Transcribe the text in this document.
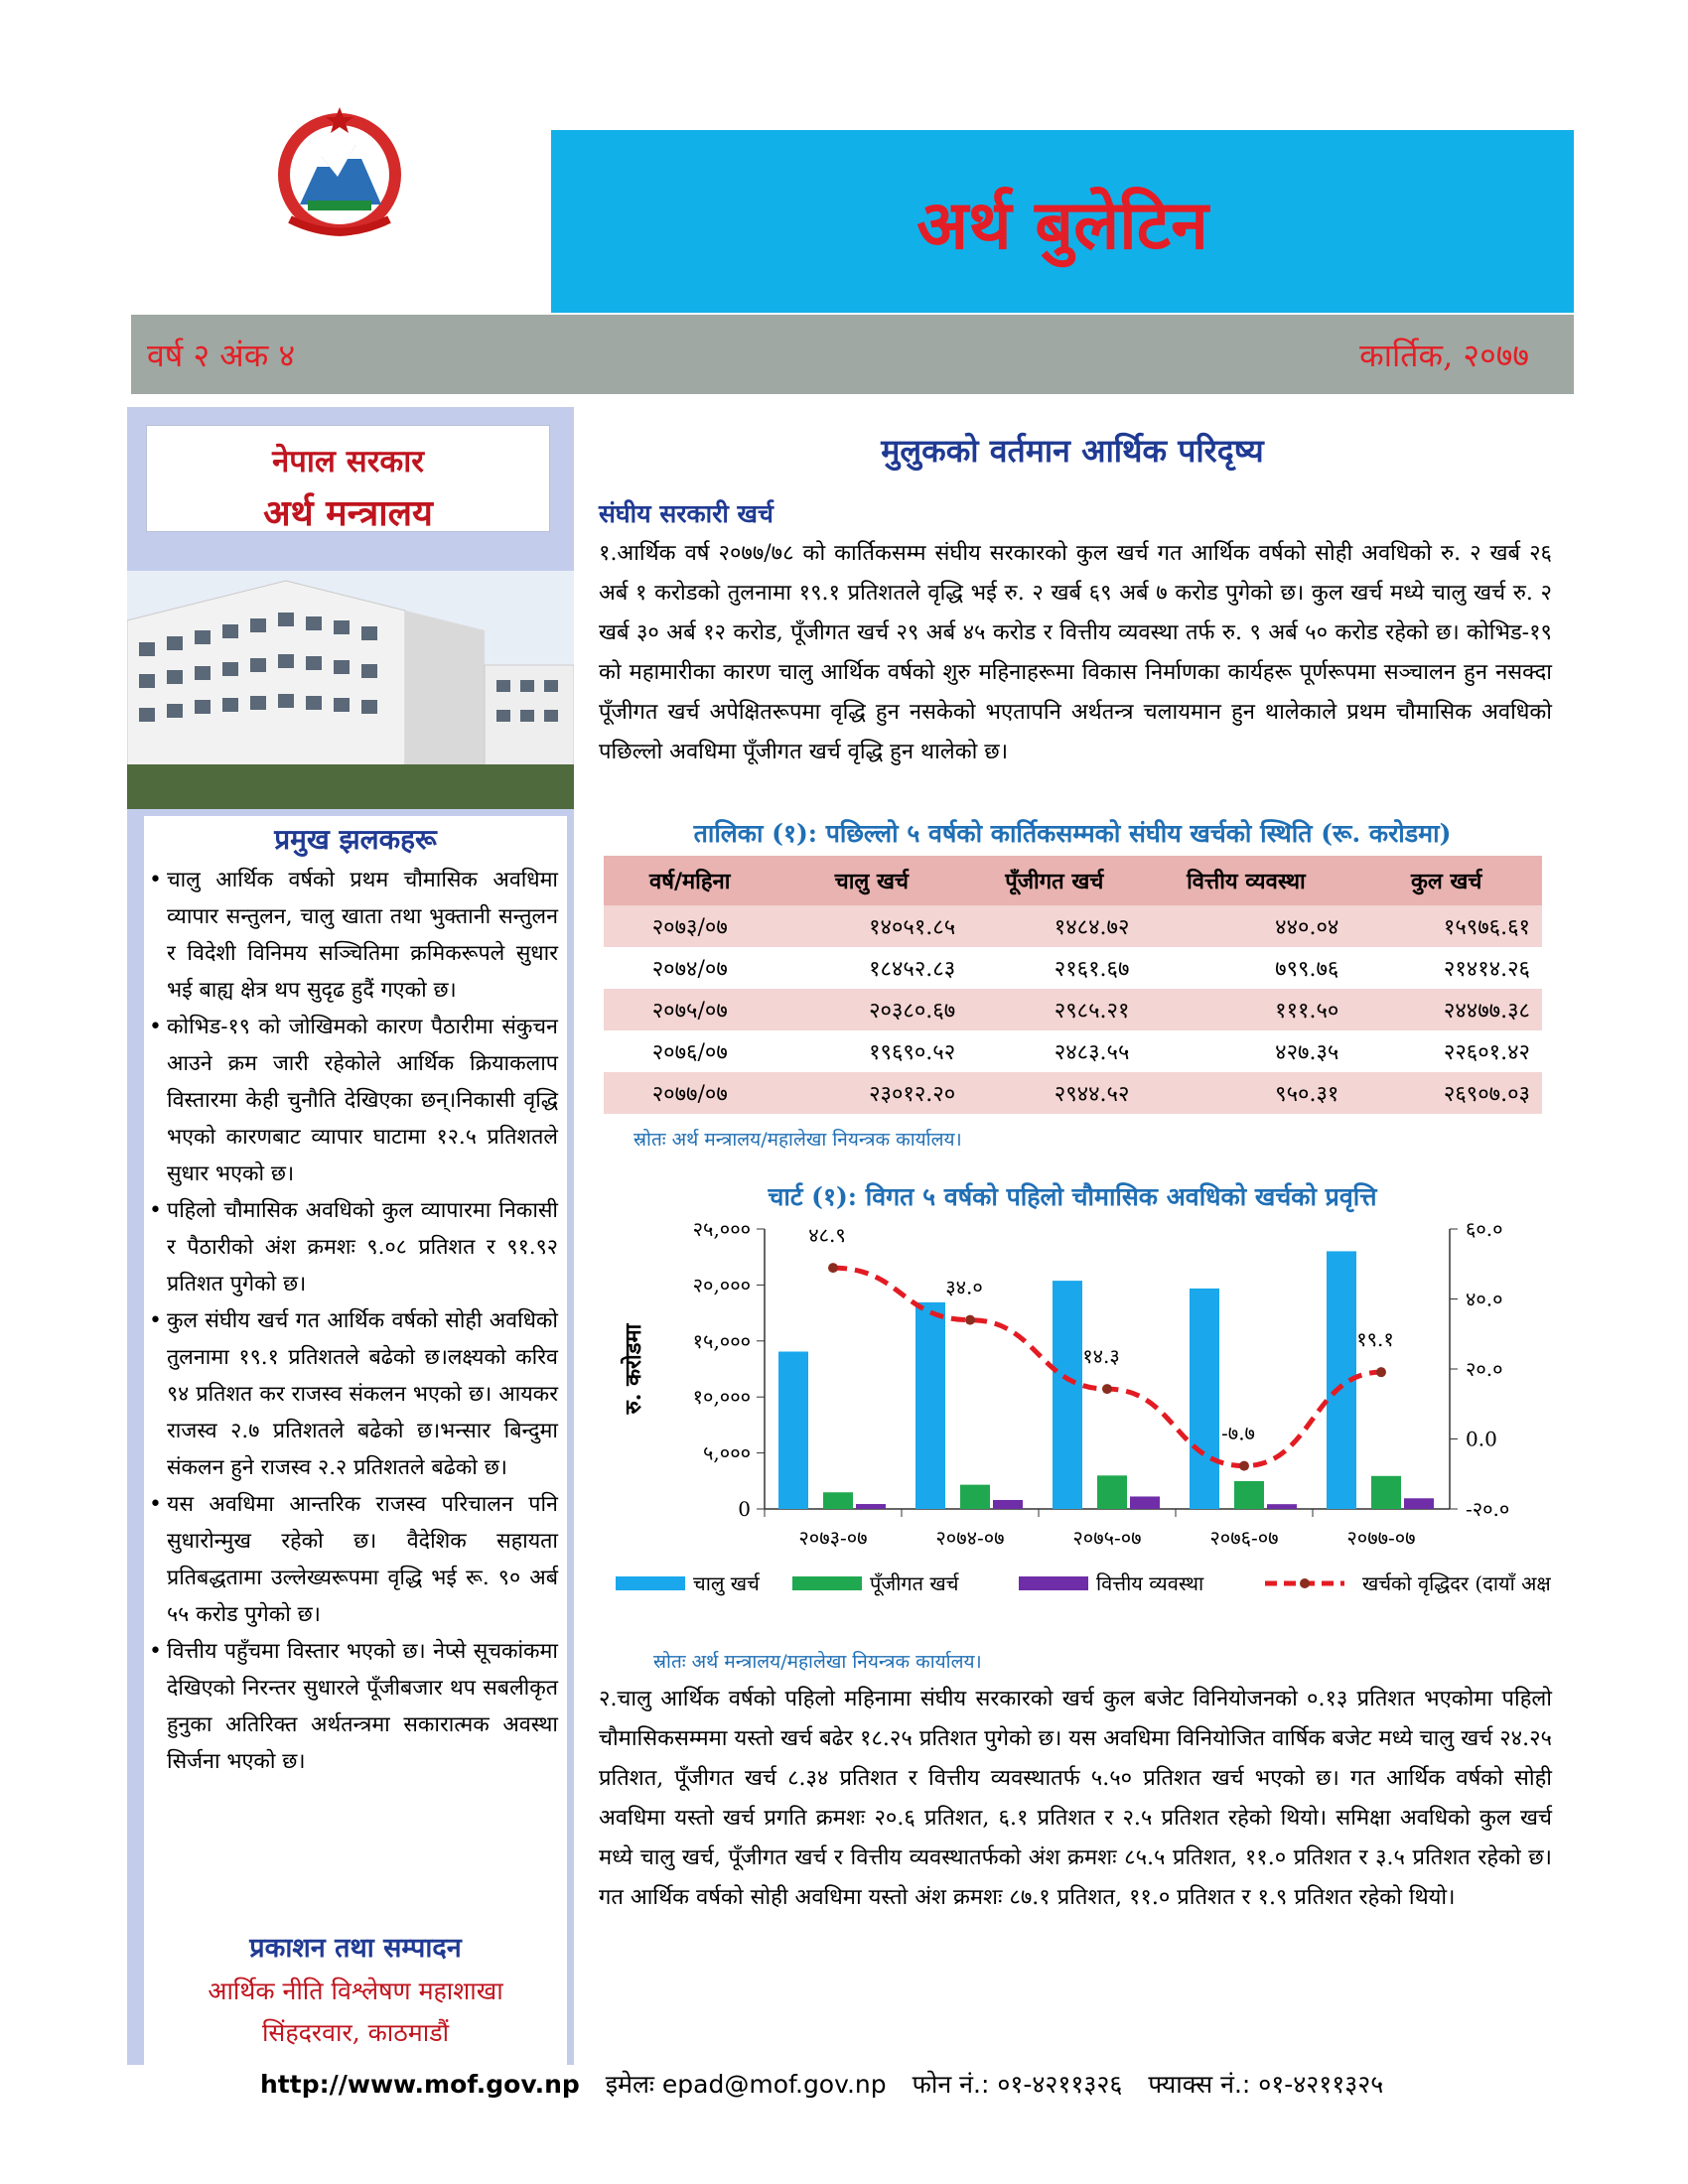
अर्थ बुलेटिन
वर्ष २ अंक ४	कार्तिक, २०७७
नेपाल सरकार
अर्थ मन्त्रालय
प्रमुख झलकहरू
• चालु आर्थिक वर्षको प्रथम चौमासिक अवधिमा व्यापार सन्तुलन, चालु खाता तथा भुक्तानी सन्तुलन र विदेशी विनिमय सञ्चितिमा क्रमिकरूपले सुधार भई बाह्य क्षेत्र थप सुदृढ हुदैं गएको छ।
• कोभिड-१९ को जोखिमको कारण पैठारीमा संकुचन आउने क्रम जारी रहेकोले आर्थिक क्रियाकलाप विस्तारमा केही चुनौति देखिएका छन्।निकासी वृद्धि भएको कारणबाट व्यापार घाटामा १२.५ प्रतिशतले सुधार भएको छ।
• पहिलो चौमासिक अवधिको कुल व्यापारमा निकासी र पैठारीको अंश क्रमशः ९.०८ प्रतिशत र ९१.९२ प्रतिशत पुगेको छ।
• कुल संघीय खर्च गत आर्थिक वर्षको सोही अवधिको तुलनामा १९.१ प्रतिशतले बढेको छ।लक्ष्यको करिव ९४ प्रतिशत कर राजस्व संकलन भएको छ। आयकर राजस्व २.७ प्रतिशतले बढेको छ।भन्सार बिन्दुमा संकलन हुने राजस्व २.२ प्रतिशतले बढेको छ।
• यस अवधिमा आन्तरिक राजस्व परिचालन पनि सुधारोन्मुख रहेको छ। वैदेशिक सहायता प्रतिबद्धतामा उल्लेख्यरूपमा वृद्धि भई रू. ९० अर्ब ५५ करोड पुगेको छ।
• वित्तीय पहुँचमा विस्तार भएको छ। नेप्से सूचकांकमा देखिएको निरन्तर सुधारले पूँजीबजार थप सबलीकृत हुनुका अतिरिक्त अर्थतन्त्रमा सकारात्मक अवस्था सिर्जना भएको छ।
प्रकाशन तथा सम्पादन
आर्थिक नीति विश्लेषण महाशाखा
सिंहदरवार, काठमाडौं
मुलुकको वर्तमान आर्थिक परिदृष्य
संघीय सरकारी खर्च
१.आर्थिक वर्ष २०७७/७८ को कार्तिकसम्म संघीय सरकारको कुल खर्च गत आर्थिक वर्षको सोही अवधिको रु. २ खर्ब २६ अर्ब १ करोडको तुलनामा १९.१ प्रतिशतले वृद्धि भई रु. २ खर्ब ६९ अर्ब ७ करोड पुगेको छ। कुल खर्च मध्ये चालु खर्च रु. २ खर्ब ३० अर्ब १२ करोड, पूँजीगत खर्च २९ अर्ब ४५ करोड र वित्तीय व्यवस्था तर्फ रु. ९ अर्ब ५० करोड रहेको छ। कोभिड-१९ को महामारीका कारण चालु आर्थिक वर्षको शुरु महिनाहरूमा विकास निर्माणका कार्यहरू पूर्णरूपमा सञ्चालन हुन नसक्दा पूँजीगत खर्च अपेक्षितरूपमा वृद्धि हुन नसकेको भएतापनि अर्थतन्त्र चलायमान हुन थालेकाले प्रथम चौमासिक अवधिको पछिल्लो अवधिमा पूँजीगत खर्च वृद्धि हुन थालेको छ।
तालिका (१): पछिल्लो ५ वर्षको कार्तिकसम्मको संघीय खर्चको स्थिति (रू. करोडमा)
वर्ष/महिना	चालु खर्च	पूँजीगत खर्च	वित्तीय व्यवस्था	कुल खर्च
२०७३/०७	१४०५१.८५	१४८४.७२	४४०.०४	१५९७६.६१
२०७४/०७	१८४५२.८३	२१६१.६७	७९९.७६	२१४१४.२६
२०७५/०७	२०३८०.६७	२९८५.२१	१११.५०	२४४७७.३८
२०७६/०७	१९६९०.५२	२४८३.५५	४२७.३५	२२६०१.४२
२०७७/०७	२३०१२.२०	२९४४.५२	९५०.३१	२६९०७.०३
स्रोतः अर्थ मन्त्रालय/महालेखा नियन्त्रक कार्यालय।
चार्ट (१): विगत ५ वर्षको पहिलो चौमासिक अवधिको खर्चको प्रवृत्ति
0
५,०००
१०,०००
१५,०००
२०,०००
२५,०००
-२०.०
0.0
२०.०
४०.०
६०.०
रु. करोडमा
२०७३-०७	२०७४-०७	२०७५-०७	२०७६-०७	२०७७-०७
४८.९
३४.०
१४.३
-७.७
१९.१
चालु खर्च	पूँजीगत खर्च	वित्तीय व्यवस्था	खर्चको वृद्धिदर (दायाँ अक्ष
स्रोतः अर्थ मन्त्रालय/महालेखा नियन्त्रक कार्यालय।
२.चालु आर्थिक वर्षको पहिलो महिनामा संघीय सरकारको खर्च कुल बजेट विनियोजनको ०.१३ प्रतिशत भएकोमा पहिलो चौमासिकसम्ममा यस्तो खर्च बढेर १८.२५ प्रतिशत पुगेको छ। यस अवधिमा विनियोजित वार्षिक बजेट मध्ये चालु खर्च २४.२५ प्रतिशत, पूँजीगत खर्च ८.३४ प्रतिशत र वित्तीय व्यवस्थातर्फ ५.५० प्रतिशत खर्च भएको छ। गत आर्थिक वर्षको सोही अवधिमा यस्तो खर्च प्रगति क्रमशः २०.६ प्रतिशत, ६.१ प्रतिशत र २.५ प्रतिशत रहेको थियो। समिक्षा अवधिको कुल खर्च मध्ये चालु खर्च, पूँजीगत खर्च र वित्तीय व्यवस्थातर्फको अंश क्रमशः ८५.५ प्रतिशत, ११.० प्रतिशत र ३.५ प्रतिशत रहेको छ। गत आर्थिक वर्षको सोही अवधिमा यस्तो अंश क्रमशः ८७.१ प्रतिशत, ११.० प्रतिशत र १.९ प्रतिशत रहेको थियो।
http://www.mof.gov.np इमेलः epad@mof.gov.np फोन नं.: ०१-४२११३२६ फ्याक्स नं.: ०१-४२११३२५
